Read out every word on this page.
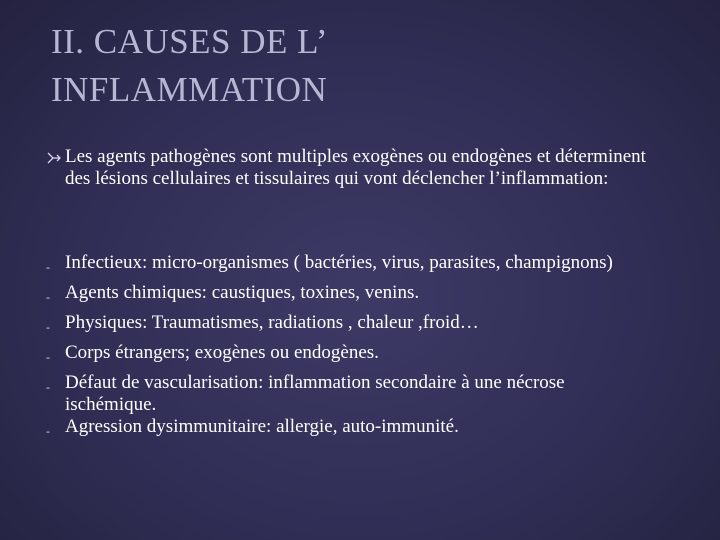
II. CAUSES DE L’
INFLAMMATION
Les agents pathogènes sont multiples exogènes ou endogènes et déterminent des lésions cellulaires et tissulaires qui vont déclencher l’inflammation:
- Infectieux: micro-organismes ( bactéries, virus, parasites, champignons)
- Agents chimiques: caustiques, toxines, venins.
- Physiques: Traumatismes, radiations , chaleur ,froid…
- Corps étrangers; exogènes ou endogènes.
- Défaut de vascularisation: inflammation secondaire à une nécrose ischémique.
- Agression dysimmunitaire: allergie, auto-immunité.
